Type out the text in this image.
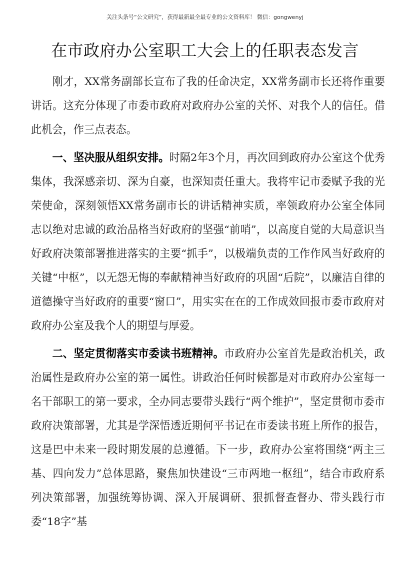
关注头条号“公文研究”，获得最新最全最专业的公文资料库！ 微信：gongwenyj
在市政府办公室职工大会上的任职表态发言

刚才，XX常务副部长宣布了我的任命决定，XX常务副市长还将作重要讲话。这充分体现了市委市政府对政府办公室的关怀、对我个人的信任。借此机会，作三点表态。

一、坚决服从组织安排。时隔2年3个月，再次回到政府办公室这个优秀集体，我深感亲切、深为自豪，也深知责任重大。我将牢记市委赋予我的光荣使命，深刻领悟XX常务副市长的讲话精神实质，率领政府办公室全体同志以绝对忠诚的政治品格当好政府的坚强“前哨”，以高度自觉的大局意识当好政府决策部署推进落实的主要“抓手”，以极端负责的工作作风当好政府的关键“中枢”，以无怨无悔的奉献精神当好政府的巩固“后院”，以廉洁自律的道德操守当好政府的重要“窗口”，用实实在在的工作成效回报市委市政府对政府办公室及我个人的期望与厚爱。

二、坚定贯彻落实市委读书班精神。市政府办公室首先是政治机关，政治属性是政府办公室的第一属性。讲政治任何时候都是对市政府办公室每一名干部职工的第一要求，全办同志要带头践行“两个维护”，坚定贯彻市委市政府决策部署，尤其是学深悟透近期何平书记在市委读书班上所作的报告，这是巴中未来一段时期发展的总遵循。下一步，政府办公室将围绕“两主三基、四向发力”总体思路，聚焦加快建设“三市两地一枢纽”，结合市政府系列决策部署，加强统筹协调、深入开展调研、狠抓督查督办、带头践行市委“18字”基
